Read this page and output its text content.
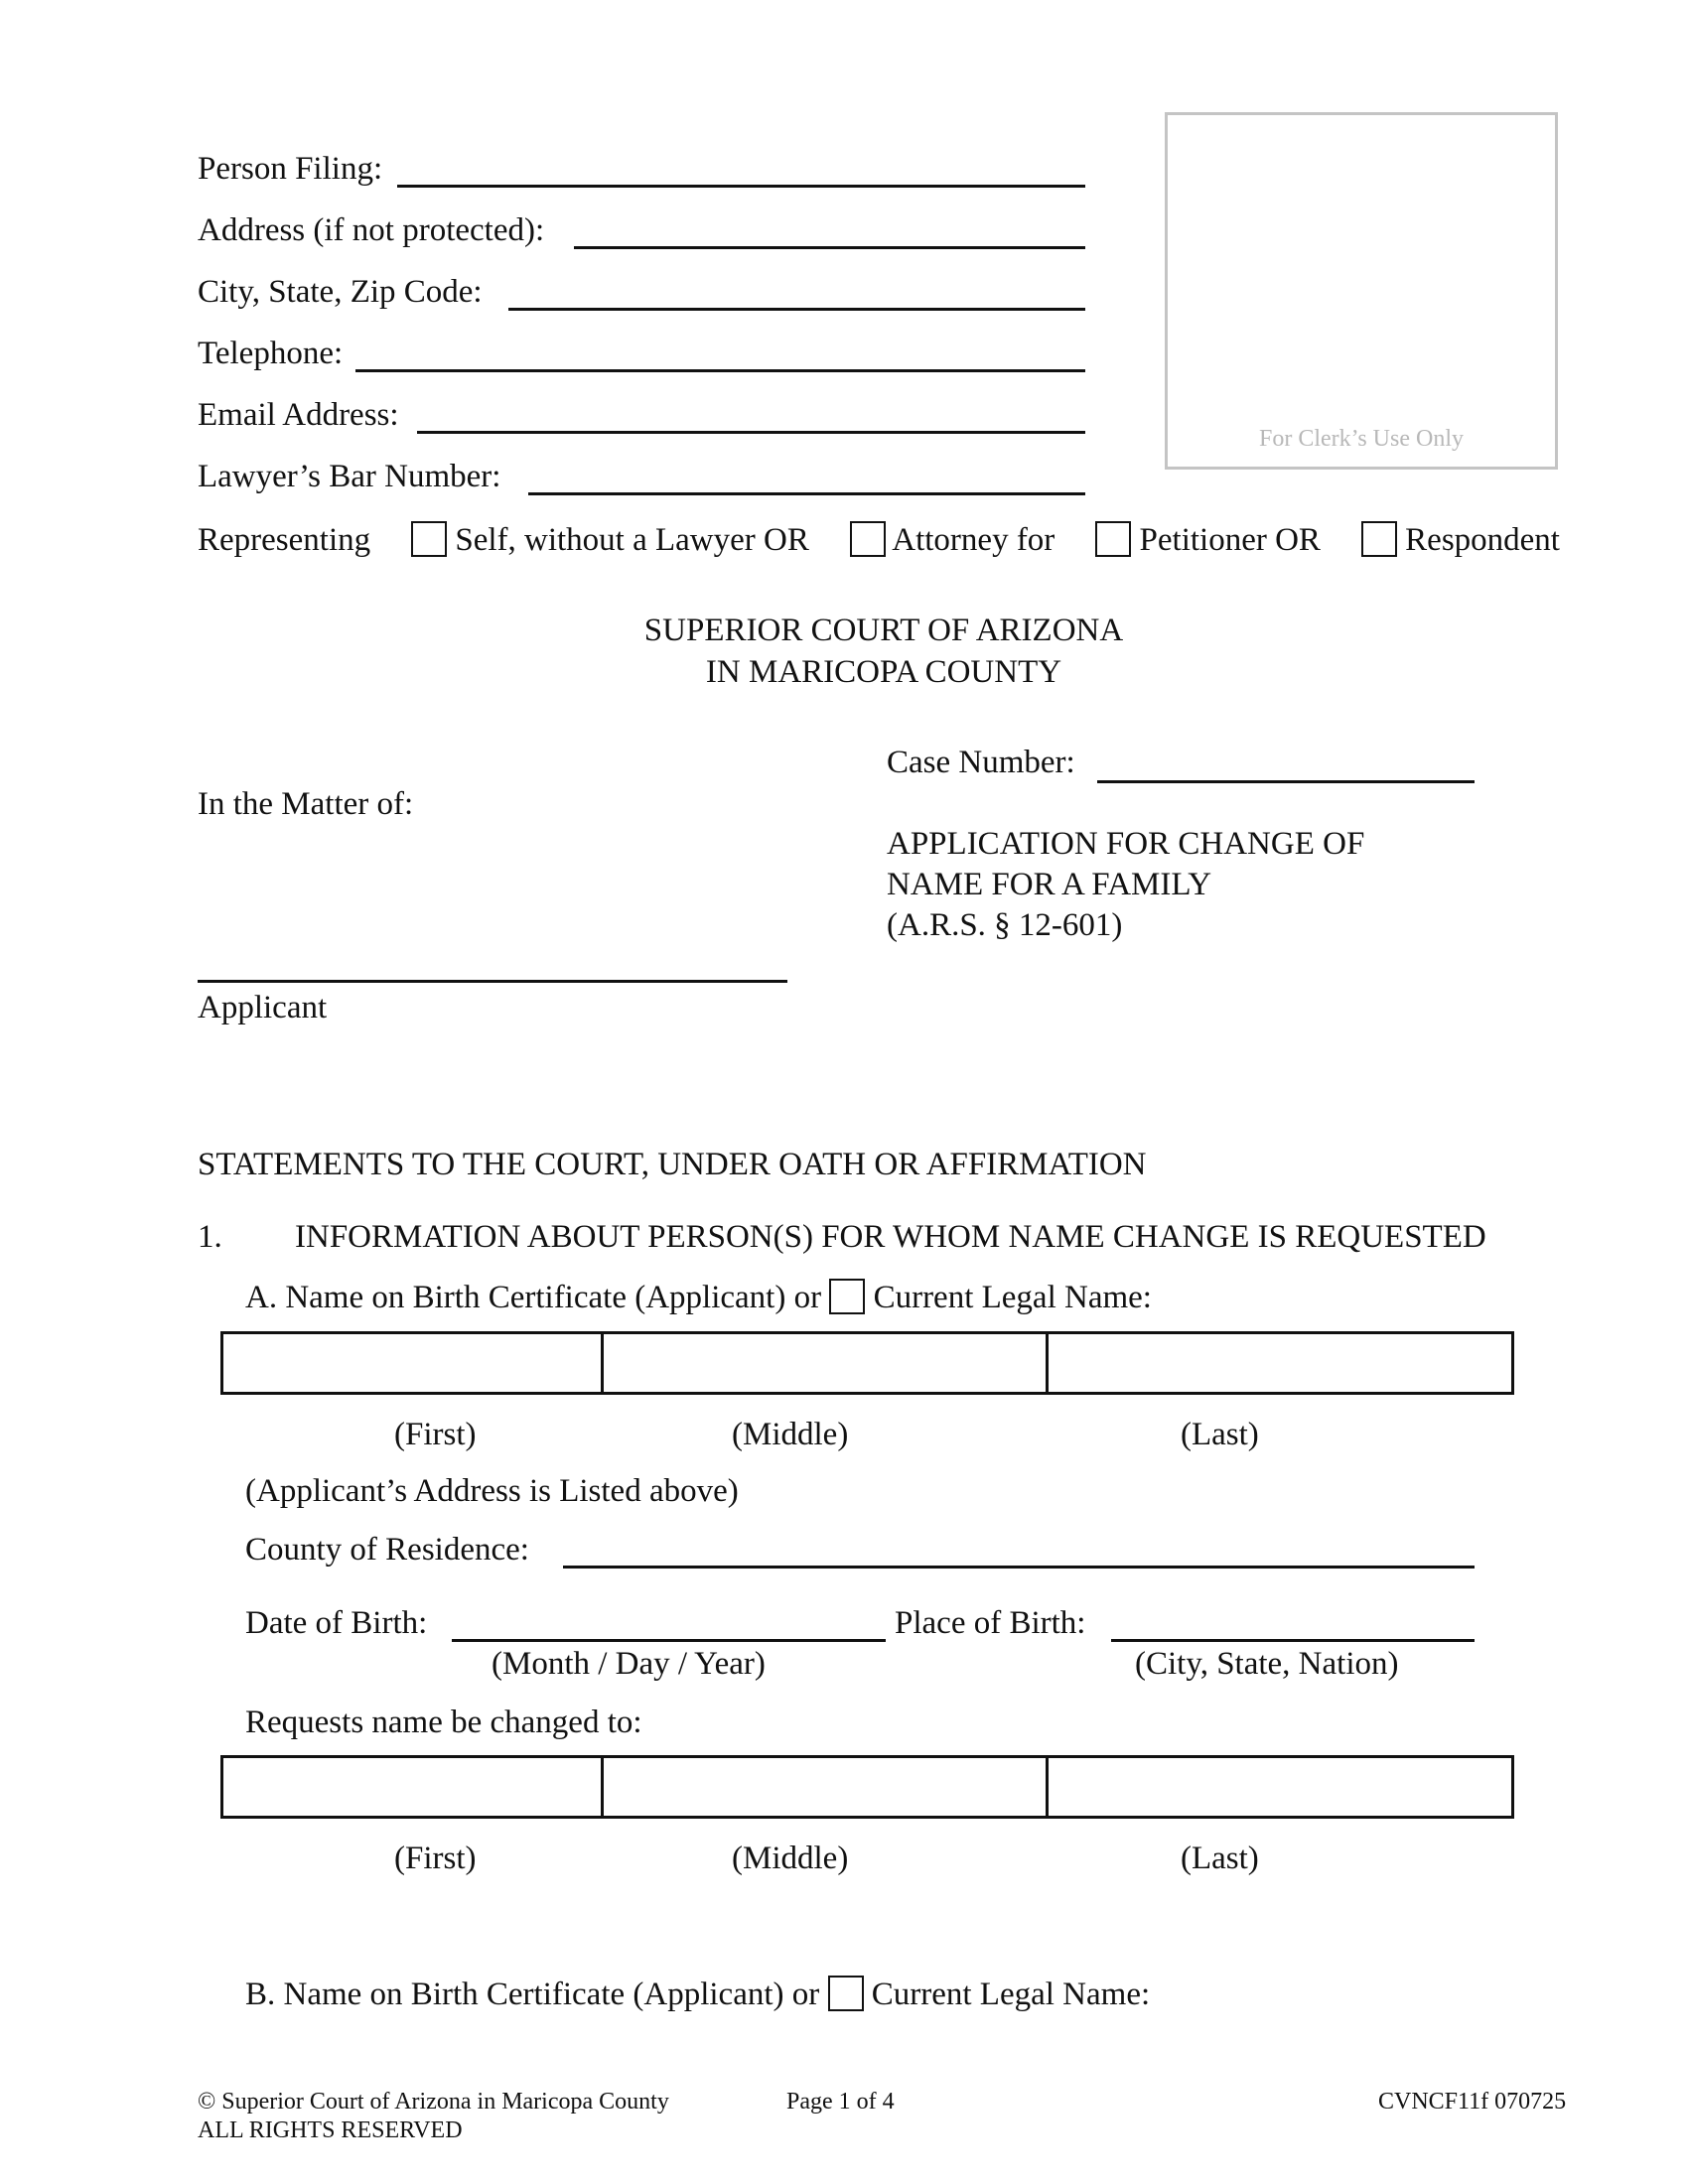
Person Filing:
Address (if not protected):
City, State, Zip Code:
Telephone:
Email Address:
Lawyer’s Bar Number:
For Clerk’s Use Only
Representing	Self, without a Lawyer OR	Attorney for	Petitioner OR	Respondent
SUPERIOR COURT OF ARIZONA
IN MARICOPA COUNTY
Case Number:
In the Matter of:
APPLICATION FOR CHANGE OF
NAME FOR A FAMILY
(A.R.S. § 12-601)
Applicant
STATEMENTS TO THE COURT, UNDER OATH OR AFFIRMATION
1. INFORMATION ABOUT PERSON(S) FOR WHOM NAME CHANGE IS REQUESTED
A. Name on Birth Certificate (Applicant) or Current Legal Name:

(First)	(Middle)	(Last)
(Applicant’s Address is Listed above)
County of Residence:
Date of Birth:
(Month / Day / Year)
Place of Birth:
(City, State, Nation)
Requests name be changed to:

(First)	(Middle)	(Last)
B. Name on Birth Certificate (Applicant) or Current Legal Name:
© Superior Court of Arizona in Maricopa County
ALL RIGHTS RESERVED
Page 1 of 4	CVNCF11f 070725
